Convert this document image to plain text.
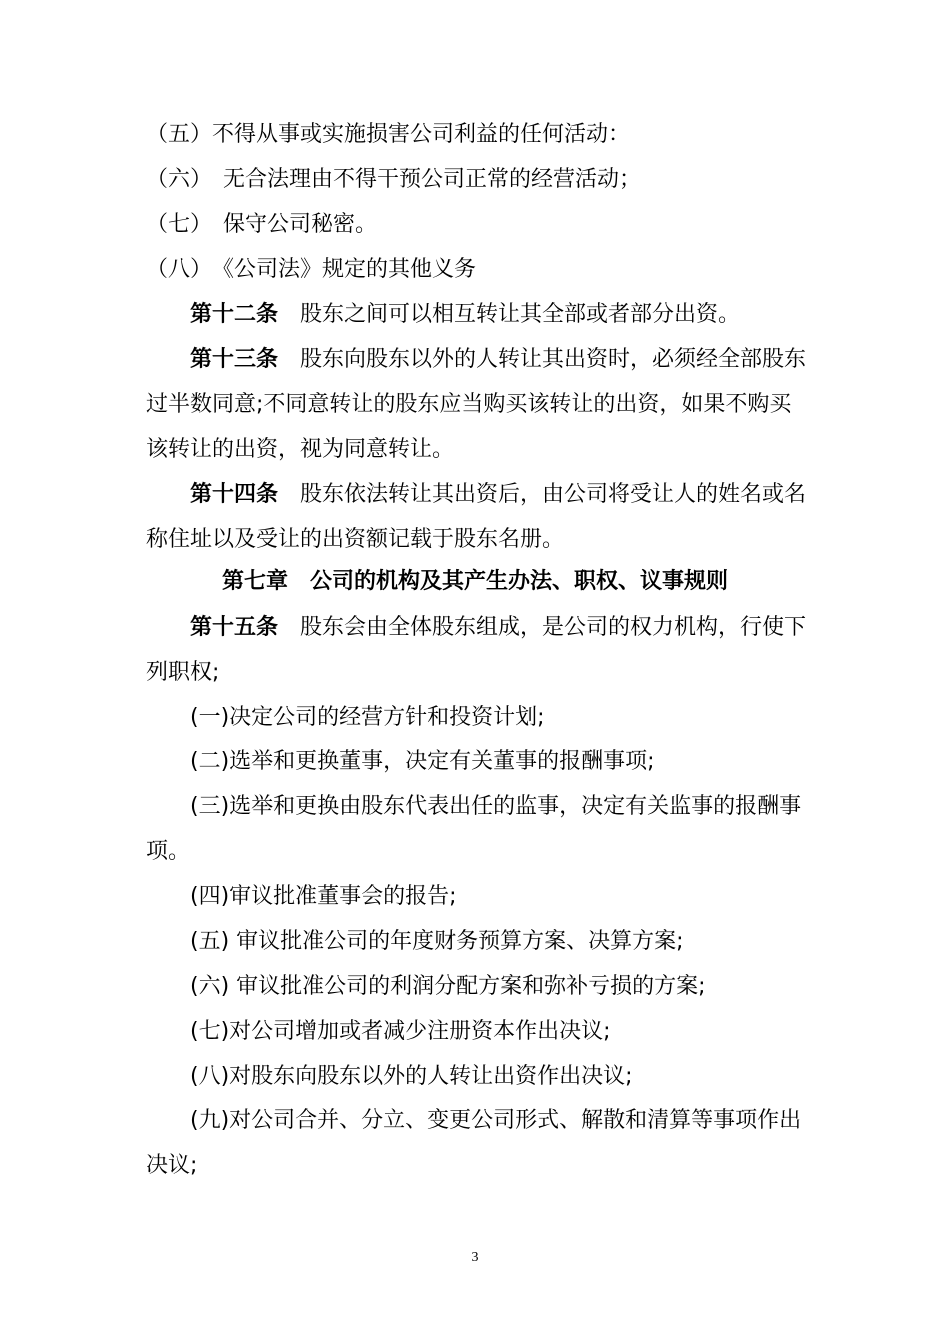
（五）不得从事或实施损害公司利益的任何活动：
（六）　无合法理由不得干预公司正常的经营活动；
（七）　保守公司秘密。
（八）　《公司法》规定的其他义务
第十二条 股东之间可以相互转让其全部或者部分出资。
第十三条 股东向股东以外的人转让其出资时，必须经全部股东
过半数同意;不同意转让的股东应当购买该转让的出资，如果不购买
该转让的出资，视为同意转让。
第十四条 股东依法转让其出资后，由公司将受让人的姓名或名
称住址以及受让的出资额记载于股东名册。
第七章　公司的机构及其产生办法、职权、议事规则
第十五条 股东会由全体股东组成，是公司的权力机构，行使下
列职权;
(一)决定公司的经营方针和投资计划;
(二)选举和更换董事，决定有关董事的报酬事项;
(三)选举和更换由股东代表出任的监事，决定有关监事的报酬事
项。
(四)审议批准董事会的报告;
(五) 审议批准公司的年度财务预算方案、决算方案;
(六) 审议批准公司的利润分配方案和弥补亏损的方案;
(七)对公司增加或者减少注册资本作出决议;
(八)对股东向股东以外的人转让出资作出决议;
(九)对公司合并、分立、变更公司形式、解散和清算等事项作出
决议;
3
